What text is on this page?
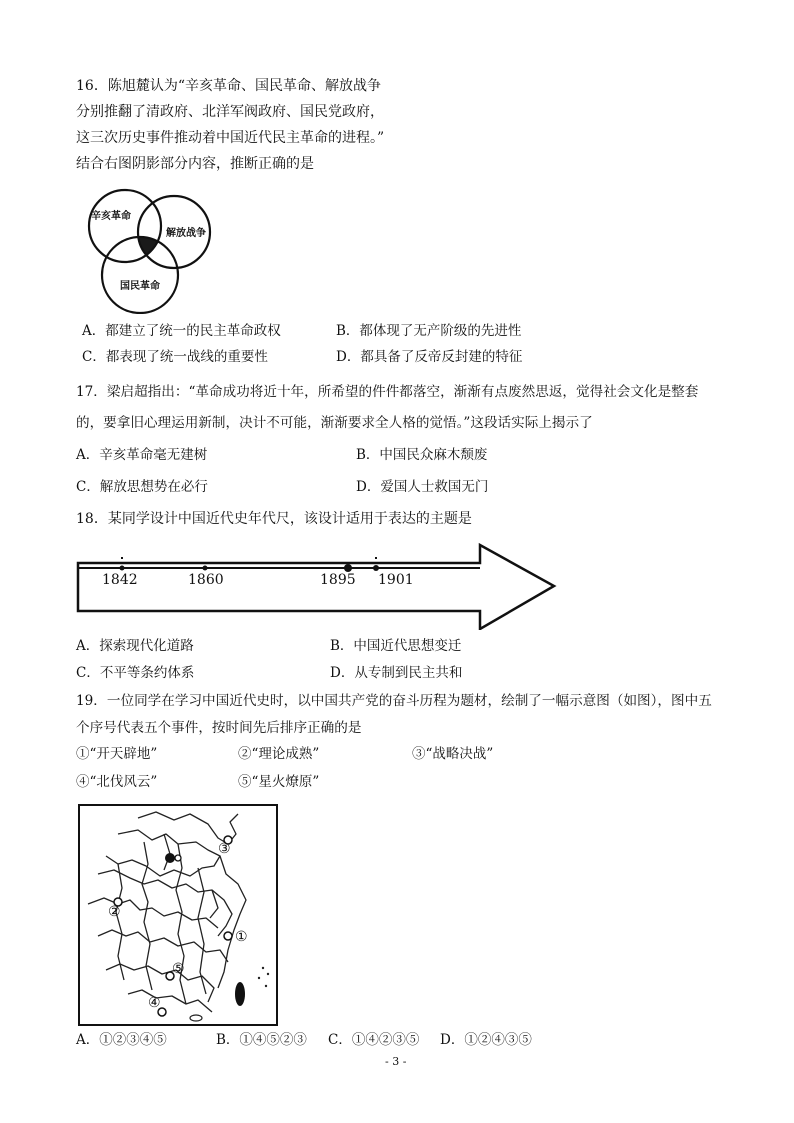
16．陈旭麓认为“辛亥革命、国民革命、解放战争
分别推翻了清政府、北洋军阀政府、国民党政府，
这三次历史事件推动着中国近代民主革命的进程。”
结合右图阴影部分内容，推断正确的是
辛亥革命
解放战争
国民革命
A．都建立了统一的民主革命政权	B．都体现了无产阶级的先进性
C．都表现了统一战线的重要性	D．都具备了反帝反封建的特征
17．梁启超指出：“革命成功将近十年，所希望的件件都落空，渐渐有点废然思返，觉得社会文化是整套
的，要拿旧心理运用新制，决计不可能，渐渐要求全人格的觉悟。”这段话实际上揭示了
A．辛亥革命毫无建树	B．中国民众麻木颓废
C．解放思想势在必行	D．爱国人士救国无门
18．某同学设计中国近代史年代尺，该设计适用于表达的主题是
1842	1860	1895 1901
A．探索现代化道路	B．中国近代思想变迁
C．不平等条约体系	D．从专制到民主共和
19．一位同学在学习中国近代史时，以中国共产党的奋斗历程为题材，绘制了一幅示意图（如图），图中五
个序号代表五个事件，按时间先后排序正确的是
①“开天辟地”	②“理论成熟”	③“战略决战”
④“北伐风云”	⑤“星火燎原”
①
②
③
⑤
④
A．①②③④⑤	B．①④⑤②③ C．①④②③⑤ D．①②④③⑤
- 3 -
